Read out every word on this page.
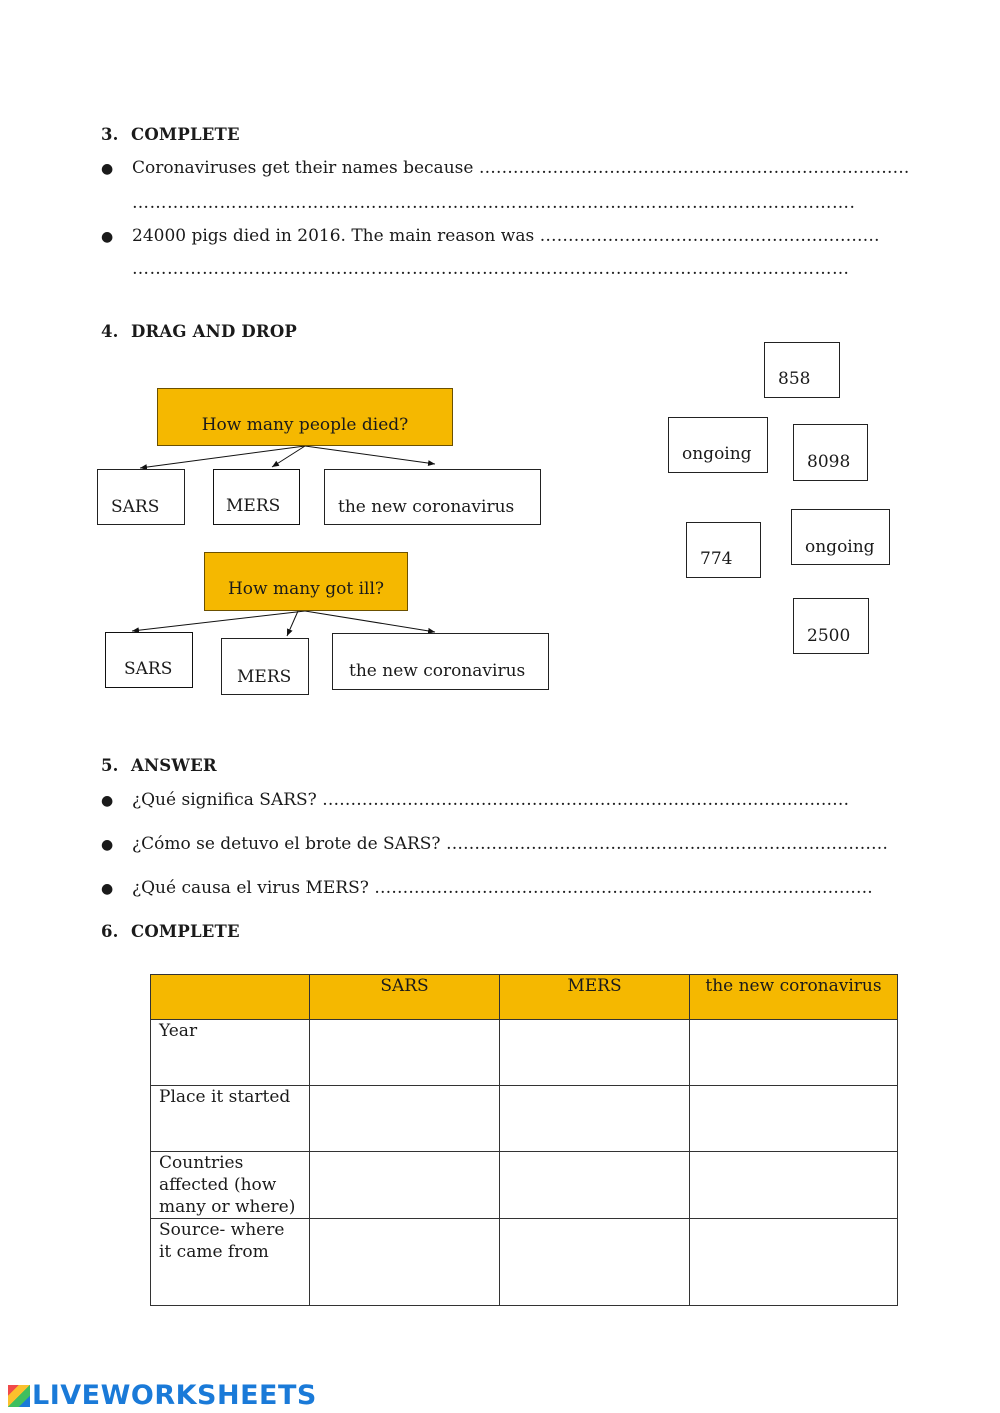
3. COMPLETE
● Coronaviruses get their names because ………………………………………………………………….
…………………………………………………………………………………………………………….
● 24000 pigs died in 2016. The main reason was ……………………………………………………
……………………………………………………………………………………………………………
4. DRAG AND DROP
How many people died?
SARS	MERS	the new coronavirus
How many got ill?
SARS	MERS	the new coronavirus
858
ongoing	8098
774
ongoing
2500
5. ANSWER
● ¿Qué significa SARS? …………………………………………………………………………………
● ¿Cómo se detuvo el brote de SARS? ……………………………………………………………………
● ¿Qué causa el virus MERS? …………………………………………………………………………….
6. COMPLETE
	SARS	MERS	the new coronavirus
Year			
Place it started			
Countries affected (how many or where)			
Source- where it came from			
LIVEWORKSHEETS
